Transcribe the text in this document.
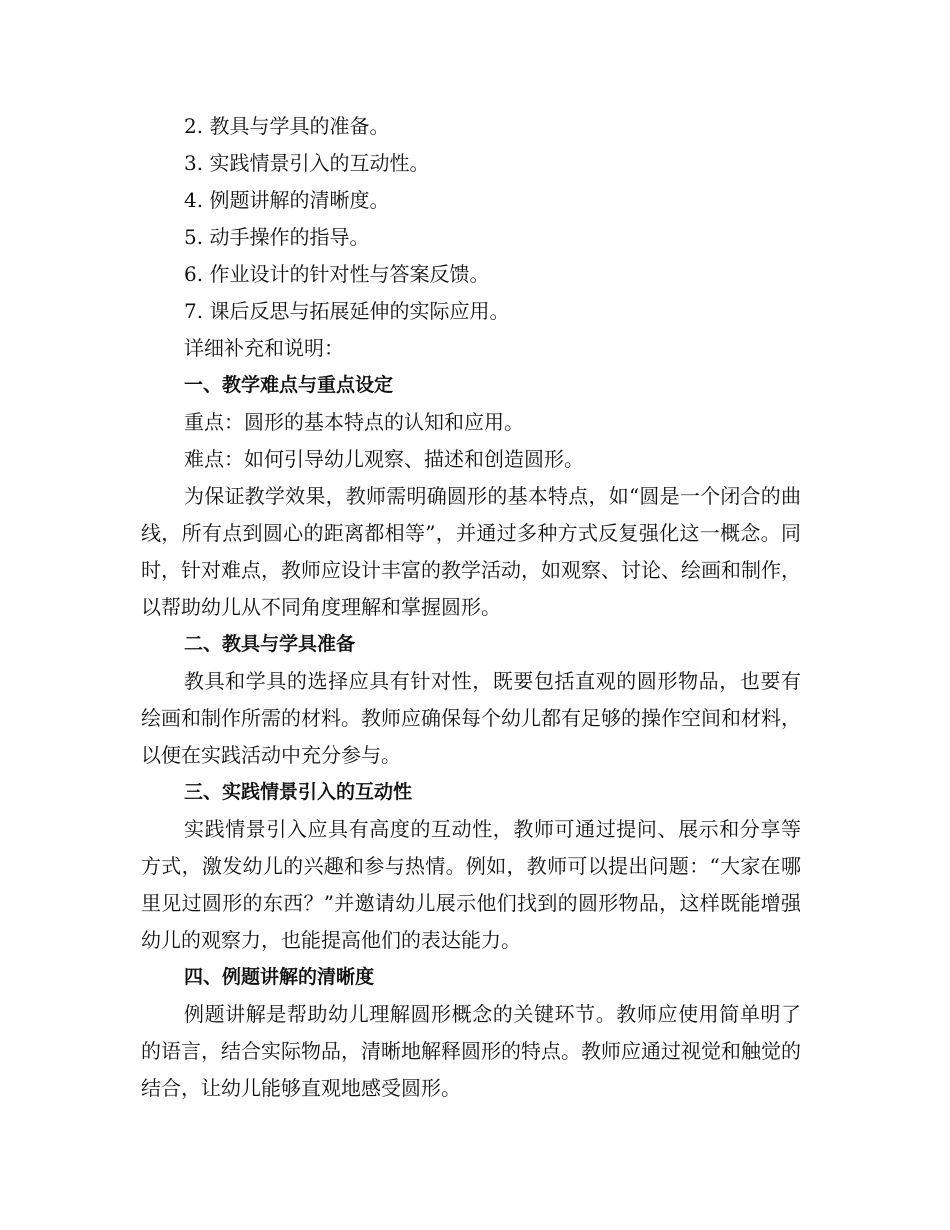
2. 教具与学具的准备。

3. 实践情景引入的互动性。

4. 例题讲解的清晰度。

5. 动手操作的指导。

6. 作业设计的针对性与答案反馈。

7. 课后反思与拓展延伸的实际应用。

详细补充和说明：

一、教学难点与重点设定

重点：圆形的基本特点的认知和应用。

难点：如何引导幼儿观察、描述和创造圆形。

为保证教学效果，教师需明确圆形的基本特点，如“圆是一个闭合的曲线，所有点到圆心的距离都相等”，并通过多种方式反复强化这一概念。同时，针对难点，教师应设计丰富的教学活动，如观察、讨论、绘画和制作，以帮助幼儿从不同角度理解和掌握圆形。

二、教具与学具准备

教具和学具的选择应具有针对性，既要包括直观的圆形物品，也要有绘画和制作所需的材料。教师应确保每个幼儿都有足够的操作空间和材料，以便在实践活动中充分参与。

三、实践情景引入的互动性

实践情景引入应具有高度的互动性，教师可通过提问、展示和分享等方式，激发幼儿的兴趣和参与热情。例如，教师可以提出问题：“大家在哪里见过圆形的东西？”并邀请幼儿展示他们找到的圆形物品，这样既能增强幼儿的观察力，也能提高他们的表达能力。

四、例题讲解的清晰度

例题讲解是帮助幼儿理解圆形概念的关键环节。教师应使用简单明了的语言，结合实际物品，清晰地解释圆形的特点。教师应通过视觉和触觉的结合，让幼儿能够直观地感受圆形。
